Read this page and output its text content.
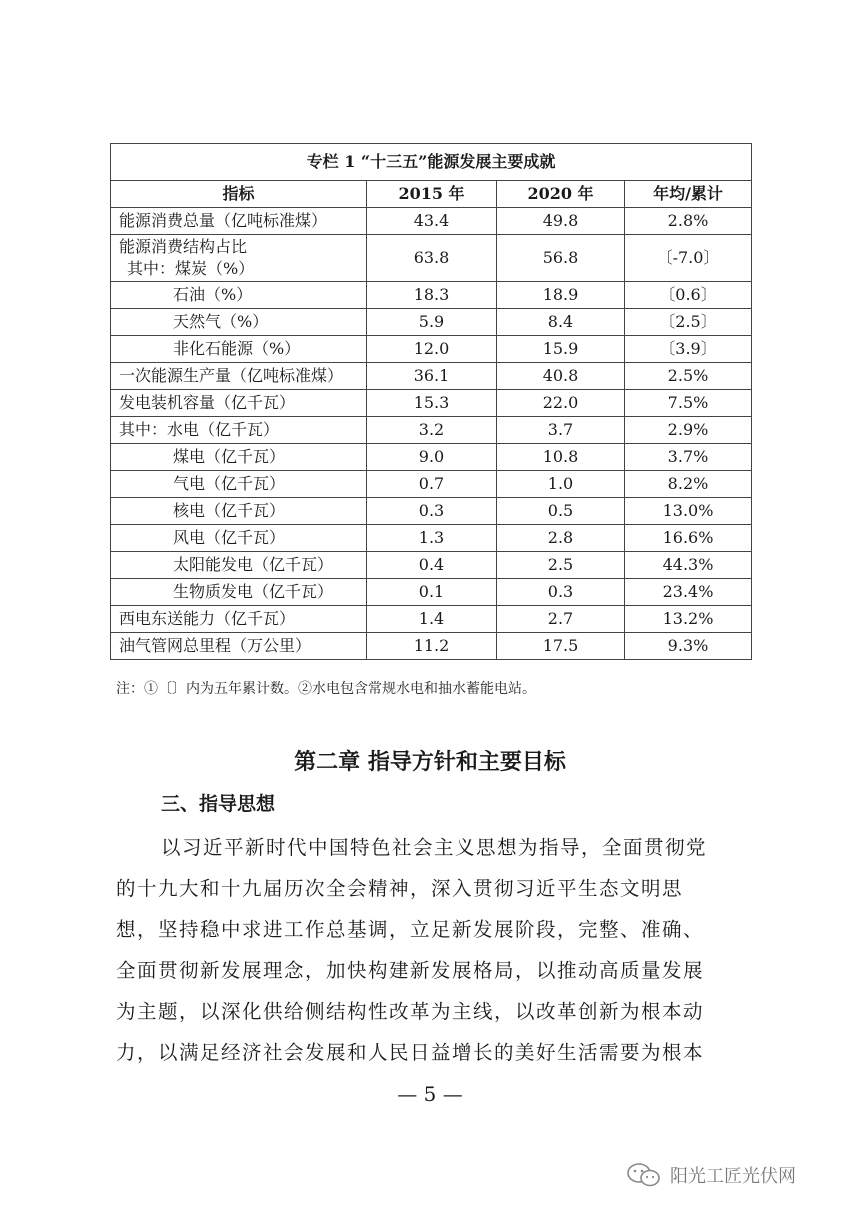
专栏 1 “十三五”能源发展主要成就			
指标	2015 年	2020 年	年均/累计
能源消费总量（亿吨标准煤）	43.4	49.8	2.8%
能源消费结构占比
其中：煤炭（%）	63.8	56.8	〔-7.0〕
石油（%）	18.3	18.9	〔0.6〕
天然气（%）	5.9	8.4	〔2.5〕
非化石能源（%）	12.0	15.9	〔3.9〕
一次能源生产量（亿吨标准煤）	36.1	40.8	2.5%
发电装机容量（亿千瓦）	15.3	22.0	7.5%
其中：水电（亿千瓦）	3.2	3.7	2.9%
煤电（亿千瓦）	9.0	10.8	3.7%
气电（亿千瓦）	0.7	1.0	8.2%
核电（亿千瓦）	0.3	0.5	13.0%
风电（亿千瓦）	1.3	2.8	16.6%
太阳能发电（亿千瓦）	0.4	2.5	44.3%
生物质发电（亿千瓦）	0.1	0.3	23.4%
西电东送能力（亿千瓦）	1.4	2.7	13.2%
油气管网总里程（万公里）	11.2	17.5	9.3%
注：①〔〕内为五年累计数。②水电包含常规水电和抽水蓄能电站。
第二章 指导方针和主要目标
三、指导思想
以习近平新时代中国特色社会主义思想为指导，全面贯彻党
的十九大和十九届历次全会精神，深入贯彻习近平生态文明思
想，坚持稳中求进工作总基调，立足新发展阶段，完整、准确、
全面贯彻新发展理念，加快构建新发展格局，以推动高质量发展
为主题，以深化供给侧结构性改革为主线，以改革创新为根本动
力，以满足经济社会发展和人民日益增长的美好生活需要为根本
— 5 —
阳光工匠光伏网
